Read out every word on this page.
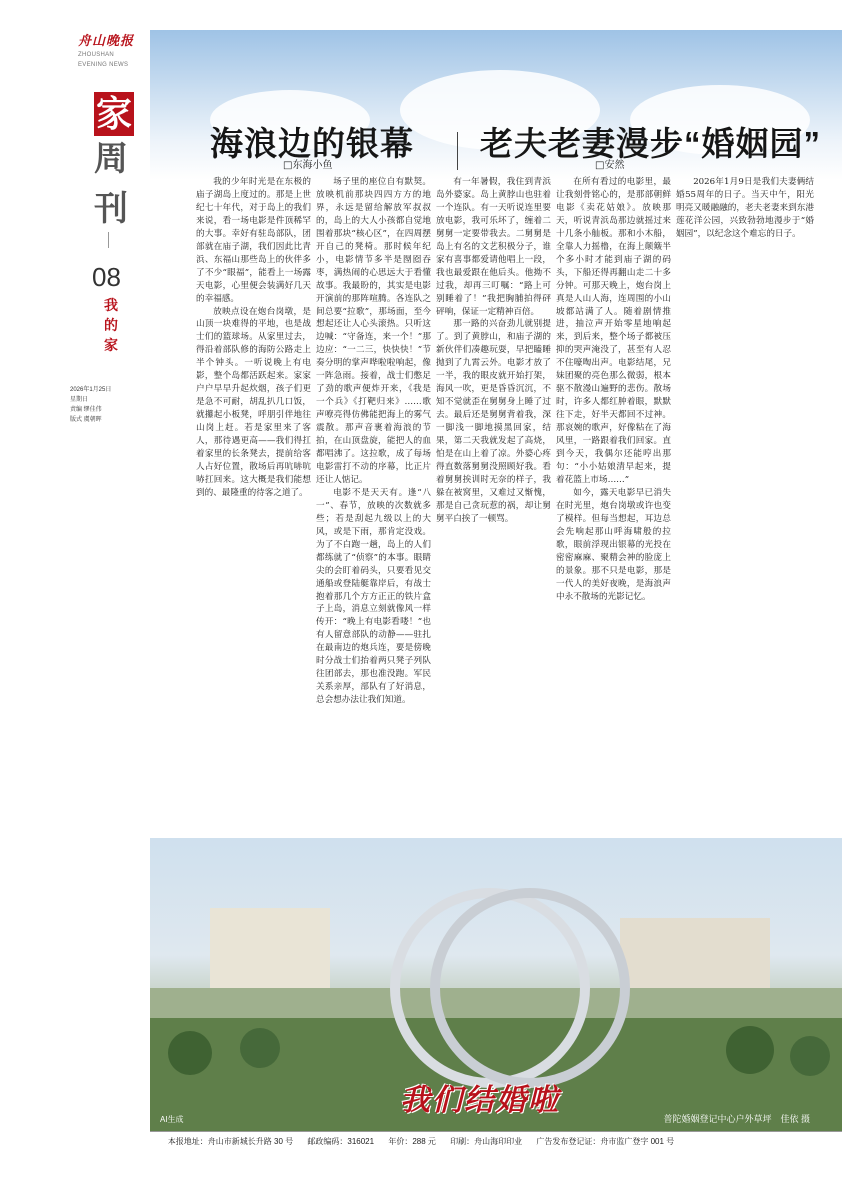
舟山晚报
ZHOUSHAN
EVENING NEWS
家
周
刊
08
我的家
2026年1月25日
星期日
责编 缪佳伟
版式 虞朝晖
海浪边的银幕
□东海小鱼
老夫老妻漫步“婚姻园”
□安然

我的少年时光是在东极的庙子湖岛上度过的。那是上世纪七十年代，对于岛上的我们来说，看一场电影是件顶稀罕的大事。幸好有驻岛部队，团部就在庙子湖，我们因此比青浜、东福山那些岛上的伙伴多了不少“眼福”，能看上一场露天电影，心里便会装满好几天的幸福感。

放映点设在炮台岗墩，是山顶一块难得的平地，也是战士们的篮球场。从家里过去，得沿着部队修的海防公路走上半个钟头。一听说晚上有电影，整个岛都活跃起来。家家户户早早升起炊烟，孩子们更是急不可耐，胡乱扒几口饭，就攥起小板凳，呼朋引伴地往山岗上赶。若是家里来了客人，那待遇更高——我们得扛着家里的长条凳去，提前给客人占好位置，散场后再吭哧吭哧扛回来。这大概是我们能想到的、最隆重的待客之道了。

场子里的座位自有默契。放映机前那块四四方方的地界，永远是留给解放军叔叔的，岛上的大人小孩都自觉地围着那块“核心区”，在四周摆开自己的凳椅。那时候年纪小，电影情节多半是囫囵吞枣，满热闹的心思远大于看懂故事。我最盼的，其实是电影开演前的那阵喧腾。各连队之间总要“拉歌”，那场面，至今想起还让人心头滚热。只听这边喊：“守备连，来一个！”那边应：“一二三，快快快！”节奏分明的掌声哗啦啦响起，像一阵急雨。接着，战士们憋足了劲的歌声便炸开来，《我是一个兵》《打靶归来》……歌声嘹亮得仿佛能把海上的雾气震散。那声音裹着海浪的节拍，在山顶盘旋，能把人的血都唱沸了。这拉歌，成了每场电影雷打不动的序幕，比正片还让人惦记。

电影不是天天有。逢“八一”、春节，放映的次数就多些；若是刮起九级以上的大风，或是下雨，那肯定没戏。为了不白跑一趟，岛上的人们都练就了“侦察”的本事。眼睛尖的会盯着码头，只要看见交通船或登陆艇靠岸后，有战士抱着那几个方方正正的铁片盒子上岛，消息立刻就像风一样传开：“晚上有电影看喽！”也有人留意部队的动静——驻扎在最南边的炮兵连，要是傍晚时分战士们抬着两只凳子列队往团部去，那也准没跑。军民关系亲厚，部队有了好消息，总会想办法让我们知道。

有一年暑假，我住到青浜岛外婆家。岛上黄脖山也驻着一个连队。有一天听说连里要放电影，我可乐坏了，缠着二舅舅一定要带我去。二舅舅是岛上有名的文艺积极分子，谁家有喜事都爱请他唱上一段，我也最爱跟在他后头。他拗不过我，却再三叮嘱：“路上可别睡着了！”我把胸脯拍得砰砰响，保证一定精神百倍。

那一路的兴奋劲儿就别提了。到了黄脖山，和庙子湖的新伙伴们凑趣玩耍，早把瞌睡抛到了九霄云外。电影才放了一半，我的眼皮就开始打架，海风一吹，更是昏昏沉沉，不知不觉就歪在舅舅身上睡了过去。最后还是舅舅背着我，深一脚浅一脚地摸黑回家，结果，第二天我就发起了高烧，怕是在山上着了凉。外婆心疼得直数落舅舅没照顾好我。看着舅舅挨训时无奈的样子，我躲在被窝里，又难过又惭愧，那是自己贪玩惹的祸，却让舅舅平白挨了一顿骂。

在所有看过的电影里，最让我刻骨铭心的，是那部朝鲜电影《卖花姑娘》。放映那天，听说青浜岛那边就摇过来十几条小舢板。那和小木船，全靠人力摇橹，在海上颠簸半个多小时才能到庙子湖的码头，下船还得再翻山走二十多分钟。可那天晚上，炮台岗上真是人山人海，连周围的小山坡都站满了人。随着剧情推进，抽泣声开始零星地响起来，到后来，整个场子都被压抑的哭声淹没了，甚至有人忍不住嚎啕出声。电影结尾，兄妹团聚的亮色那么微弱，根本驱不散漫山遍野的悲伤。散场时，许多人都红肿着眼，默默往下走，好半天都回不过神。那哀婉的歌声，好像粘在了海风里，一路跟着我们回家。直到今天，我偶尔还能哼出那句：“小小姑娘清早起来，提着花篮上市场……”

如今，露天电影早已消失在时光里，炮台岗墩或许也变了模样。但每当想起，耳边总会先响起那山呼海啸般的拉歌，眼前浮现出银幕的光投在密密麻麻、聚精会神的脸庞上的景象。那不只是电影，那是一代人的美好夜晚，是海浪声中永不散场的光影记忆。

2026年1月9日是我们夫妻俩结婚55周年的日子。当天中午，阳光明亮又暖融融的，老夫老妻来到东港莲花洋公园，兴致勃勃地漫步于“婚姻园”，以纪念这个难忘的日子。

我们结婚啦
AI生成	普陀婚姻登记中心户外草坪　佳依 摄
本报地址：舟山市新城长升路 30 号 邮政编码：316021 年价：288 元 印刷：舟山海印印业 广告发布登记证：舟市监广登字 001 号
